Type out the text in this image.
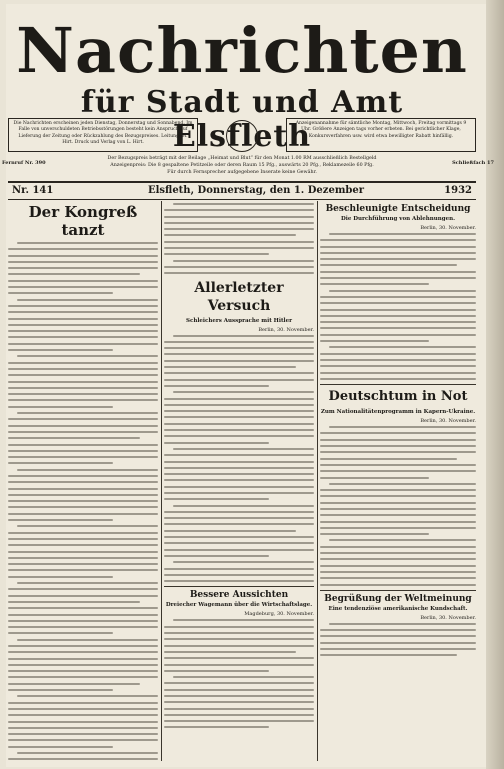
Nachrichten
für Stadt und Amt Elsfleth
Die Nachrichten erscheinen jeden Dienstag, Donnerstag und Sonnabend. Im Falle von unverschuldeten Betriebsstörungen besteht kein Anspruch auf Lieferung der Zeitung oder Rückzahlung des Bezugspreises. Leitung: H. Hirt. Druck und Verlag von L. Hirt.
Anzeigenannahme für sämtliche Montag, Mittwoch, Freitag vormittags 9 Uhr. Größere Anzeigen tags vorher erbeten. Bei gerichtlicher Klage, Konkursverfahren usw. wird etwa bewilligter Rabatt hinfällig.
Der Bezugspreis beträgt mit der Beilage „Heimat und Blut“ für den Monat 1.00 RM ausschließlich Bestellgeld
Anzeigenpreis: Die 8 gespaltene Petitzeile oder deren Raum 15 Pfg., auswärts 20 Pfg., Reklamezeile 60 Pfg.
Für durch Fernsprecher aufgegebene Inserate keine Gewähr.
Fernruf Nr. 390	Schließfach 17
Nr. 141	Elsfleth, Donnerstag, den 1. Dezember	1932
Der Kongreß tanzt
Allerletzter Versuch
Schleichers Aussprache mit Hitler
Berlin, 30. November.
Bessere Aussichten
Dreiecher Wagemann über die Wirtschaftslage.
Magdeburg, 30. November.
Beschleunigte Entscheidung
Die Durchführung von Ablehnungen.
Berlin, 30. November.
Deutschtum in Not
Zum Nationalitätenprogramm in Kapern-Ukraine.
Berlin, 30. November.
Begrüßung der Weltmeinung
Eine tendenziöse amerikanische Kundschaft.
Berlin, 30. November.
